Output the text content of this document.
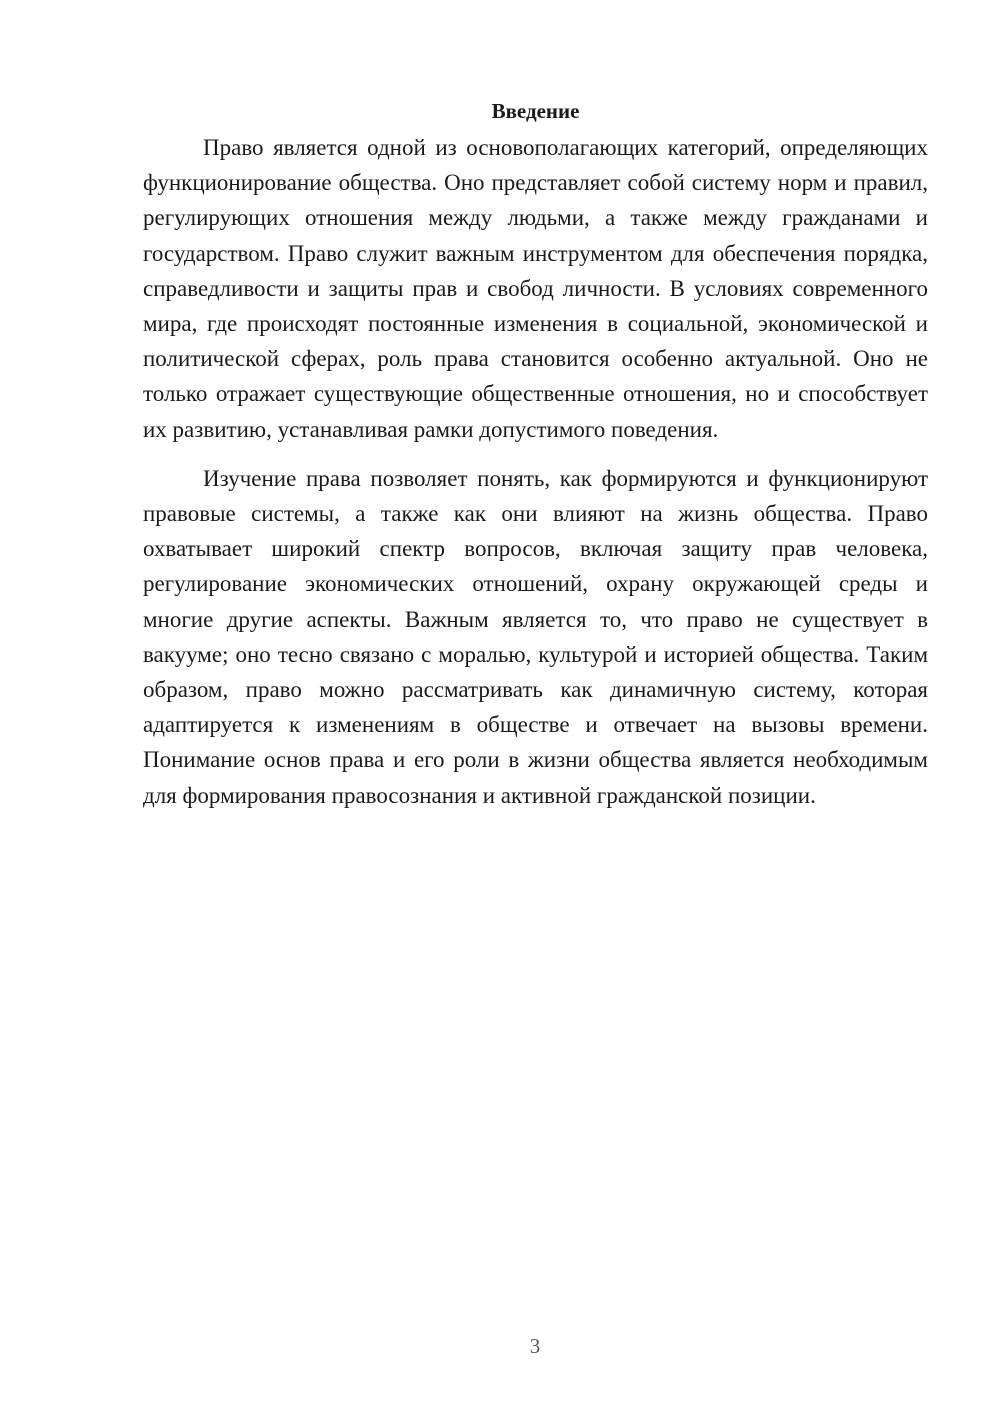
Введение

Право является одной из основополагающих категорий, определяющих функционирование общества. Оно представляет собой систему норм и правил, регулирующих отношения между людьми, а также между гражданами и государством. Право служит важным инструментом для обеспечения порядка, справедливости и защиты прав и свобод личности. В условиях современного мира, где происходят постоянные изменения в социальной, экономической и политической сферах, роль права становится особенно актуальной. Оно не только отражает существующие общественные отношения, но и способствует их развитию, устанавливая рамки допустимого поведения.

Изучение права позволяет понять, как формируются и функционируют правовые системы, а также как они влияют на жизнь общества. Право охватывает широкий спектр вопросов, включая защиту прав человека, регулирование экономических отношений, охрану окружающей среды и многие другие аспекты. Важным является то, что право не существует в вакууме; оно тесно связано с моралью, культурой и историей общества. Таким образом, право можно рассматривать как динамичную систему, которая адаптируется к изменениям в обществе и отвечает на вызовы времени. Понимание основ права и его роли в жизни общества является необходимым для формирования правосознания и активной гражданской позиции.

3
